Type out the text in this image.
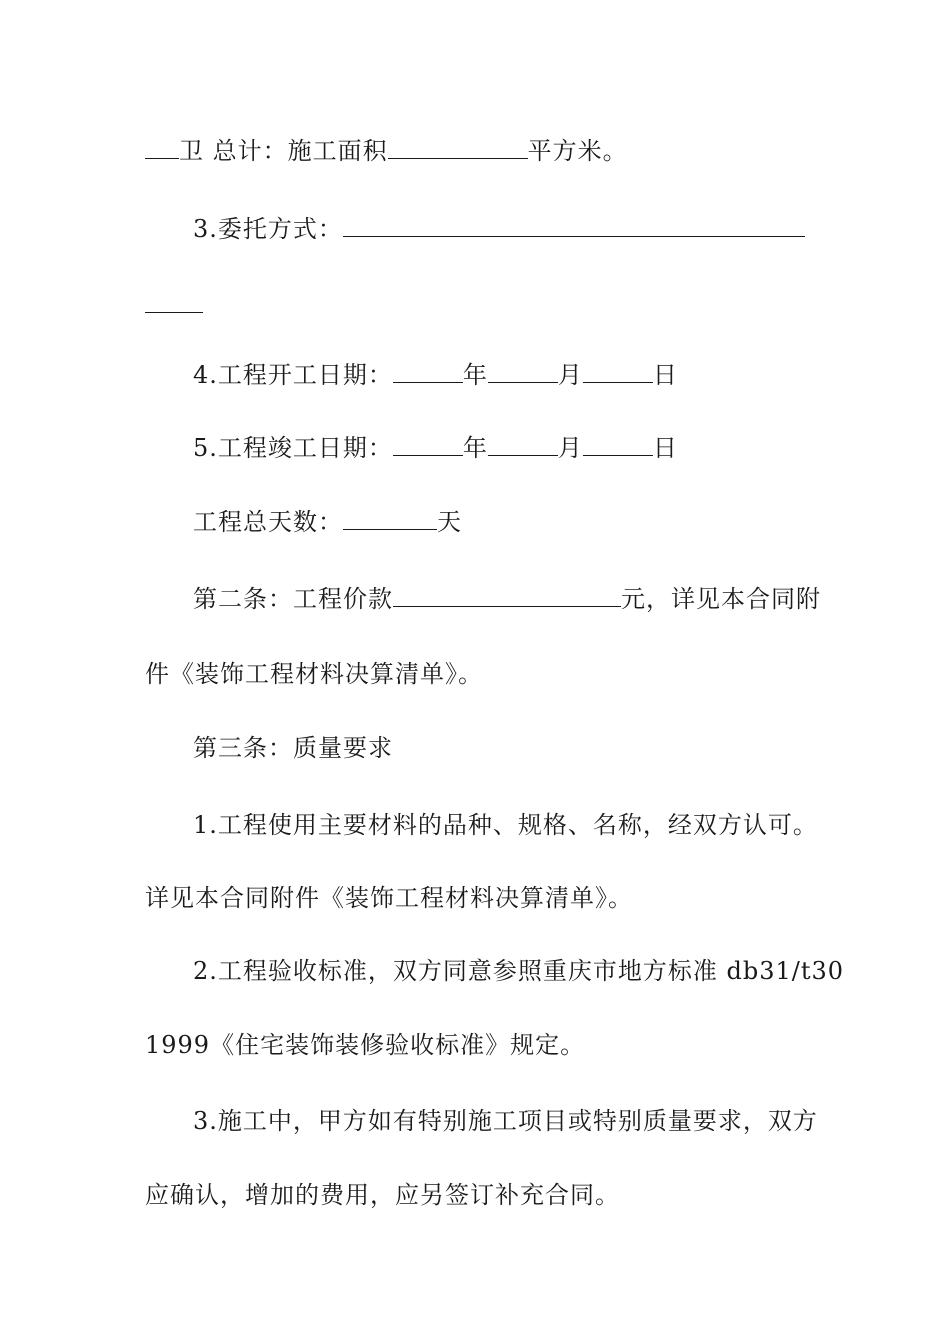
卫 总计：施工面积	平方米。
3.委托方式：
4.工程开工日期：	年	月	日
5.工程竣工日期：	年	月	日
工程总天数：	天
第二条：工程价款	元，详见本合同附
件《装饰工程材料决算清单》。
第三条：质量要求
1.工程使用主要材料的品种、规格、名称，经双方认可。
详见本合同附件《装饰工程材料决算清单》。
2.工程验收标准，双方同意参照重庆市地方标准 db31/t30
1999《住宅装饰装修验收标准》规定。
3.施工中，甲方如有特别施工项目或特别质量要求，双方
应确认，增加的费用，应另签订补充合同。
